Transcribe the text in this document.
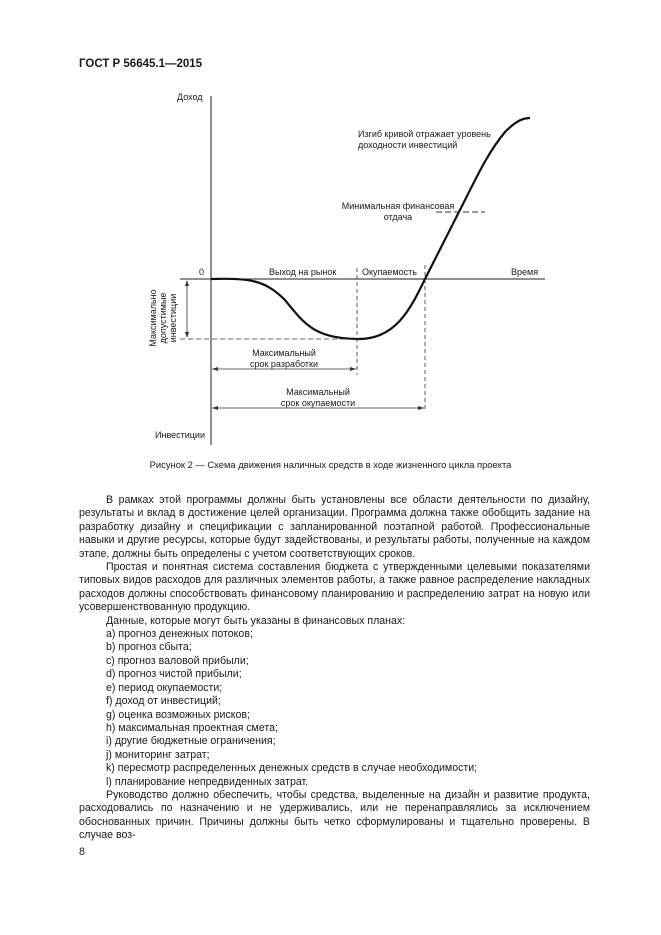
ГОСТ Р 56645.1—2015
Доход
Инвестиции
0	Время
Выход на рынок	Окупаемость
Изгиб кривой отражает уровень
доходности инвестиций
Минимальная финансовая
отдача
Максимально допустимые инвестиции
Максимальный
срок разработки
Максимальный
срок окупаемости
Рисунок 2 — Схема движения наличных средств в ходе жизненного цикла проекта

В рамках этой программы должны быть установлены все области деятельности по дизайну, результаты и вклад в достижение целей организации. Программа должна также обобщить задание на разработку дизайну и спецификации с запланированной поэтапной работой. Профессиональные навыки и другие ресурсы, которые будут задействованы, и результаты работы, полученные на каждом этапе, должны быть определены с учетом соответствующих сроков.

Простая и понятная система составления бюджета с утвержденными целевыми показателями типовых видов расходов для различных элементов работы, а также равное распределение накладных расходов должны способствовать финансовому планированию и распределению затрат на новую или усовершенствованную продукцию.

Данные, которые могут быть указаны в финансовых планах:

a) прогноз денежных потоков;
b) прогноз сбыта;
c) прогноз валовой прибыли;
d) прогноз чистой прибыли;
e) период окупаемости;
f) доход от инвестиций;
g) оценка возможных рисков;
h) максимальная проектная смета;
i) другие бюджетные ограничения;
j) мониторинг затрат;
k) пересмотр распределенных денежных средств в случае необходимости;
l) планирование непредвиденных затрат.

Руководство должно обеспечить, чтобы средства, выделенные на дизайн и развитие продукта, расходовались по назначению и не удерживались, или не перенаправлялись за исключением обоснованных причин. Причины должны быть четко сформулированы и тщательно проверены. В случае воз-

8
